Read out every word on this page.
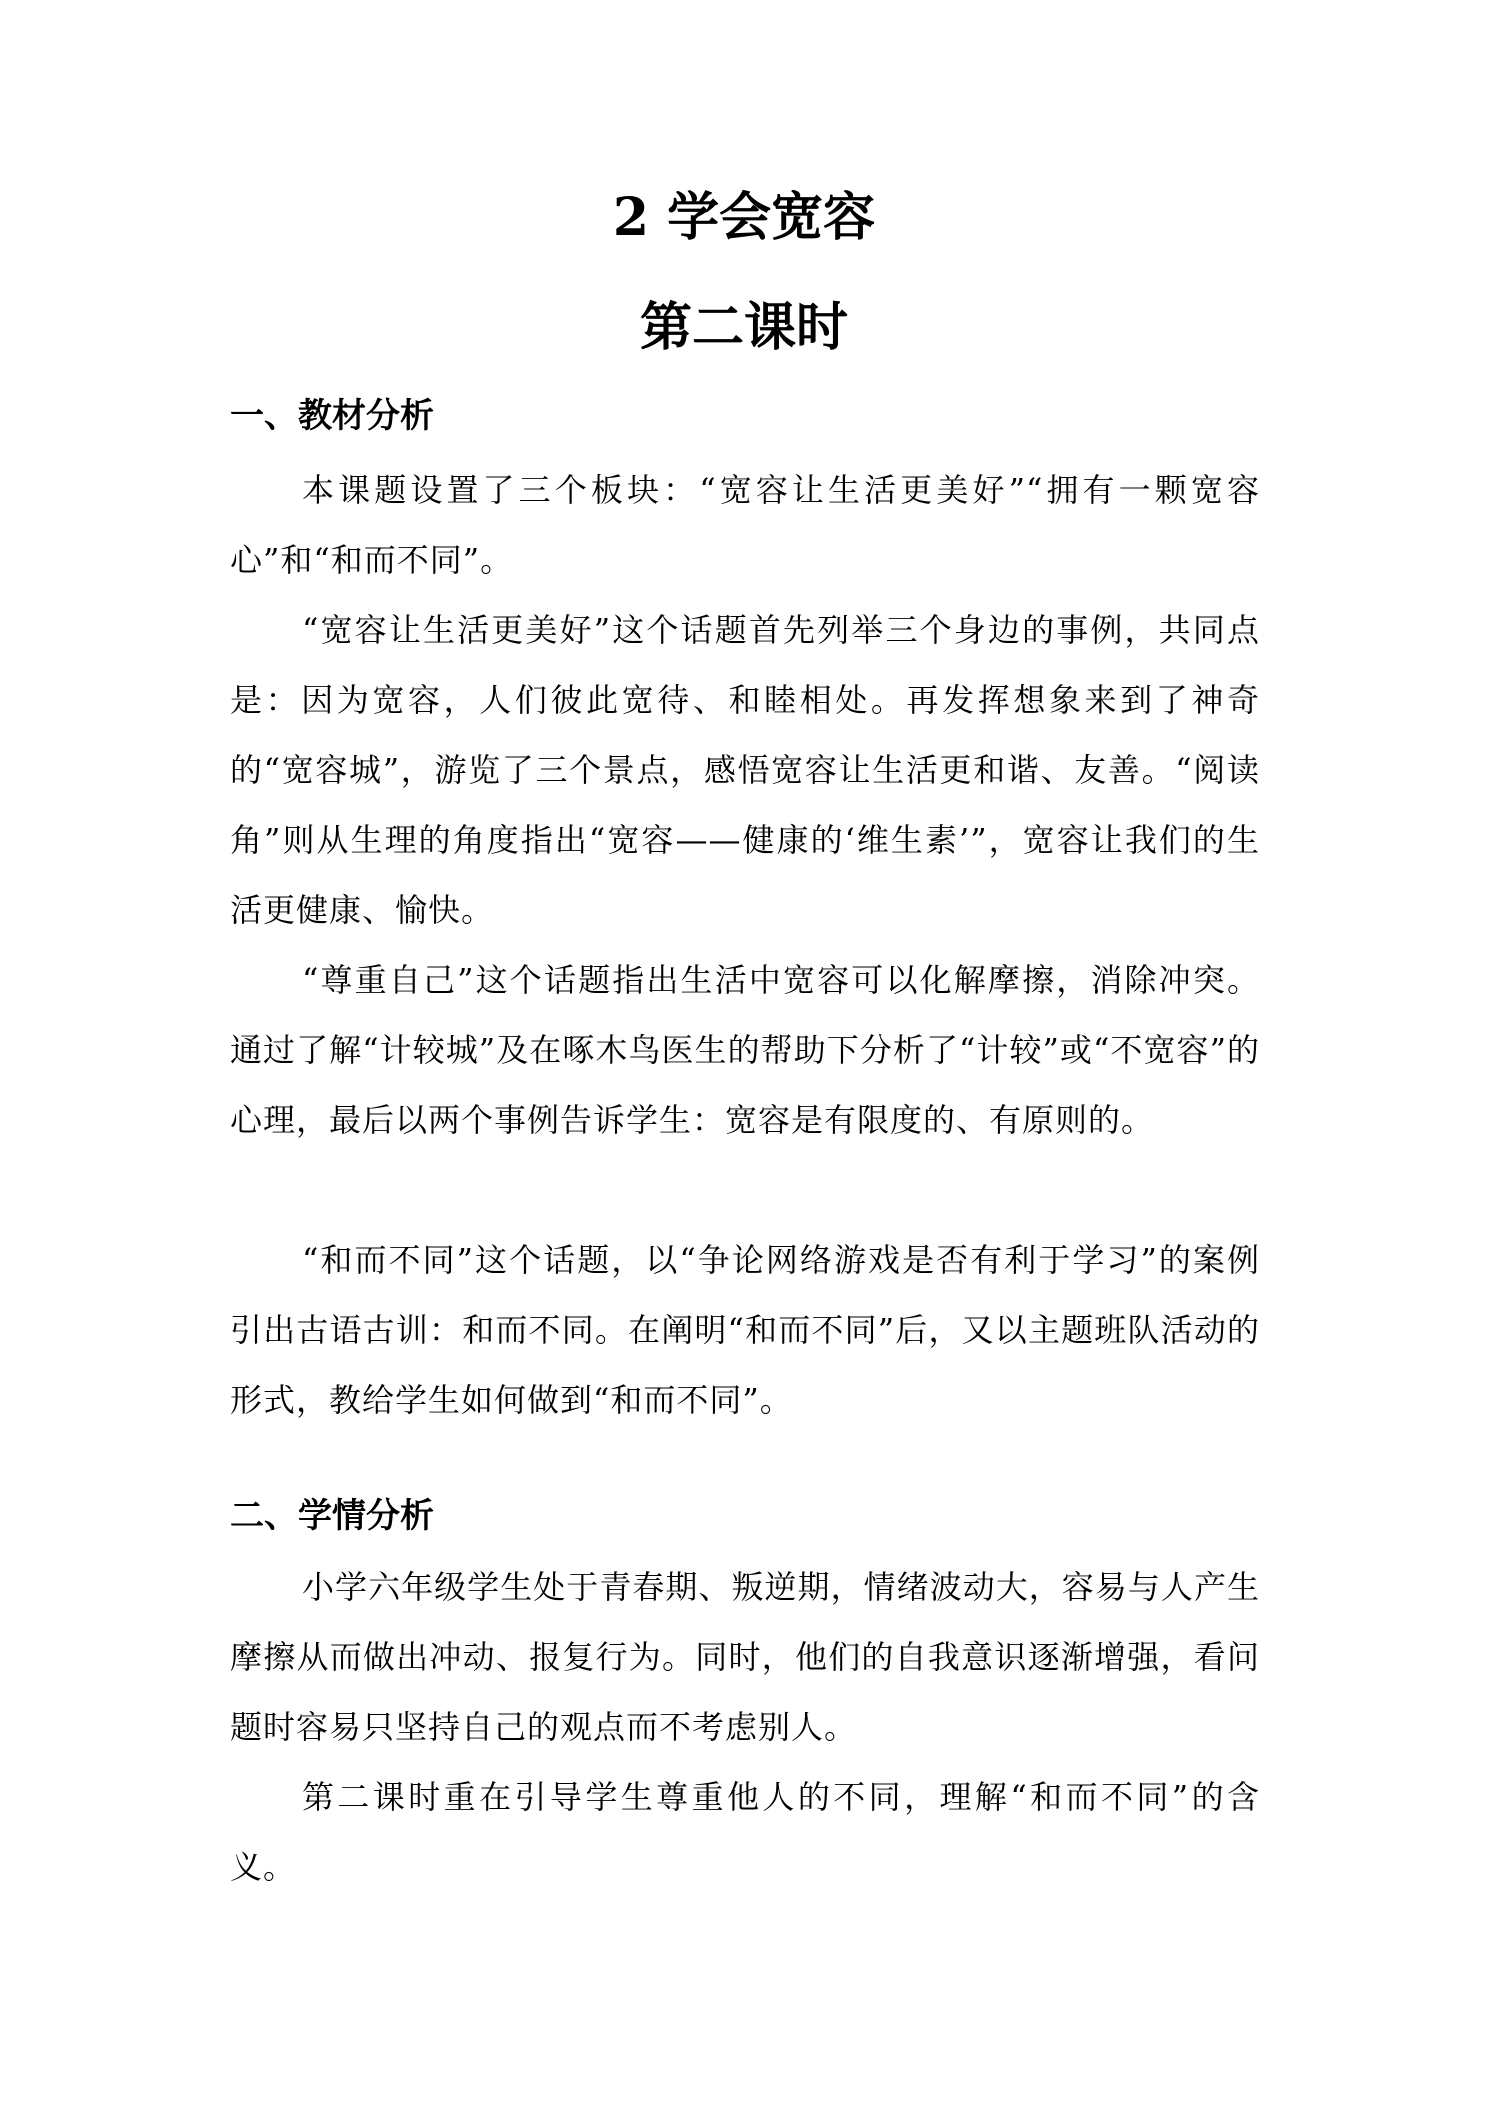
2 学会宽容
第二课时
一、教材分析

本课题设置了三个板块：“宽容让生活更美好”“拥有一颗宽容心”和“和而不同”。

“宽容让生活更美好”这个话题首先列举三个身边的事例，共同点是：因为宽容，人们彼此宽待、和睦相处。再发挥想象来到了神奇的“宽容城”，游览了三个景点，感悟宽容让生活更和谐、友善。“阅读角”则从生理的角度指出“宽容——健康的‘维生素’”，宽容让我们的生活更健康、愉快。

“尊重自己”这个话题指出生活中宽容可以化解摩擦，消除冲突。通过了解“计较城”及在啄木鸟医生的帮助下分析了“计较”或“不宽容”的心理，最后以两个事例告诉学生：宽容是有限度的、有原则的。

“和而不同”这个话题，以“争论网络游戏是否有利于学习”的案例引出古语古训：和而不同。在阐明“和而不同”后，又以主题班队活动的形式，教给学生如何做到“和而不同”。

二、学情分析

小学六年级学生处于青春期、叛逆期，情绪波动大，容易与人产生摩擦从而做出冲动、报复行为。同时，他们的自我意识逐渐增强，看问题时容易只坚持自己的观点而不考虑别人。

第二课时重在引导学生尊重他人的不同，理解“和而不同”的含义。
